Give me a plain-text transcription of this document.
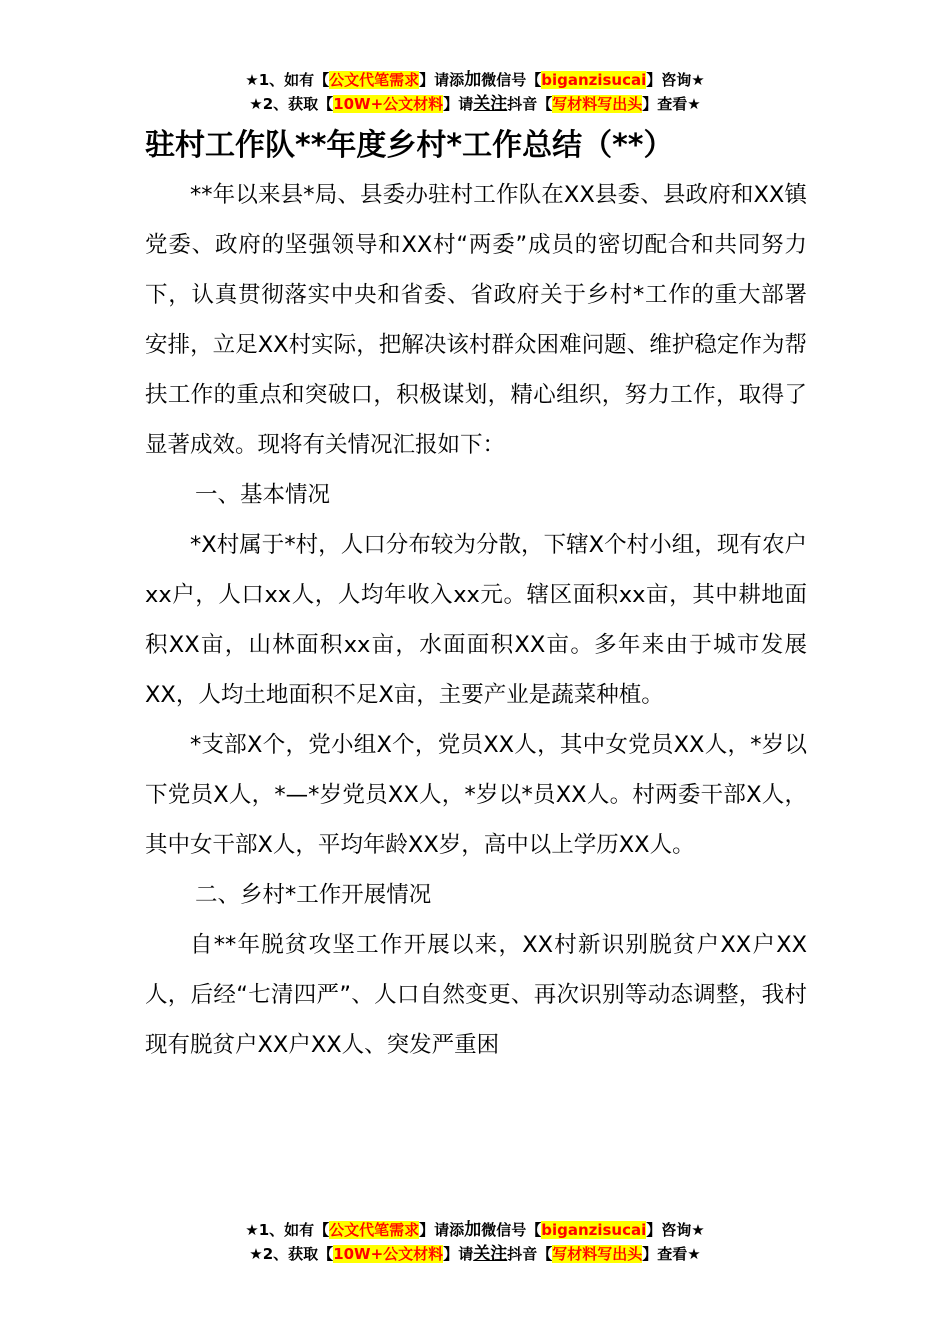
★1、如有【公文代笔需求】请添加微信号【biganzisucai】咨询★
★2、获取【10W+公文材料】请关注抖音【写材料写出头】查看★
驻村工作队**年度乡村*工作总结（**）

**年以来县*局、县委办驻村工作队在XX县委、县政府和XX镇党委、政府的坚强领导和XX村“两委”成员的密切配合和共同努力下，认真贯彻落实中央和省委、省政府关于乡村*工作的重大部署安排，立足XX村实际，把解决该村群众困难问题、维护稳定作为帮扶工作的重点和突破口，积极谋划，精心组织，努力工作，取得了显著成效。现将有关情况汇报如下：

一、基本情况

*X村属于*村，人口分布较为分散，下辖X个村小组，现有农户xx户，人口xx人，人均年收入xx元。辖区面积xx亩，其中耕地面积XX亩，山林面积xx亩，水面面积XX亩。多年来由于城市发展XX，人均土地面积不足X亩，主要产业是蔬菜种植。

*支部X个，党小组X个，党员XX人，其中女党员XX人，*岁以下党员X人，*—*岁党员XX人，*岁以*员XX人。村两委干部X人，其中女干部X人，平均年龄XX岁，高中以上学历XX人。

二、乡村*工作开展情况

自**年脱贫攻坚工作开展以来，XX村新识别脱贫户XX户XX人，后经“七清四严”、人口自然变更、再次识别等动态调整，我村现有脱贫户XX户XX人、突发严重困

★1、如有【公文代笔需求】请添加微信号【biganzisucai】咨询★
★2、获取【10W+公文材料】请关注抖音【写材料写出头】查看★
